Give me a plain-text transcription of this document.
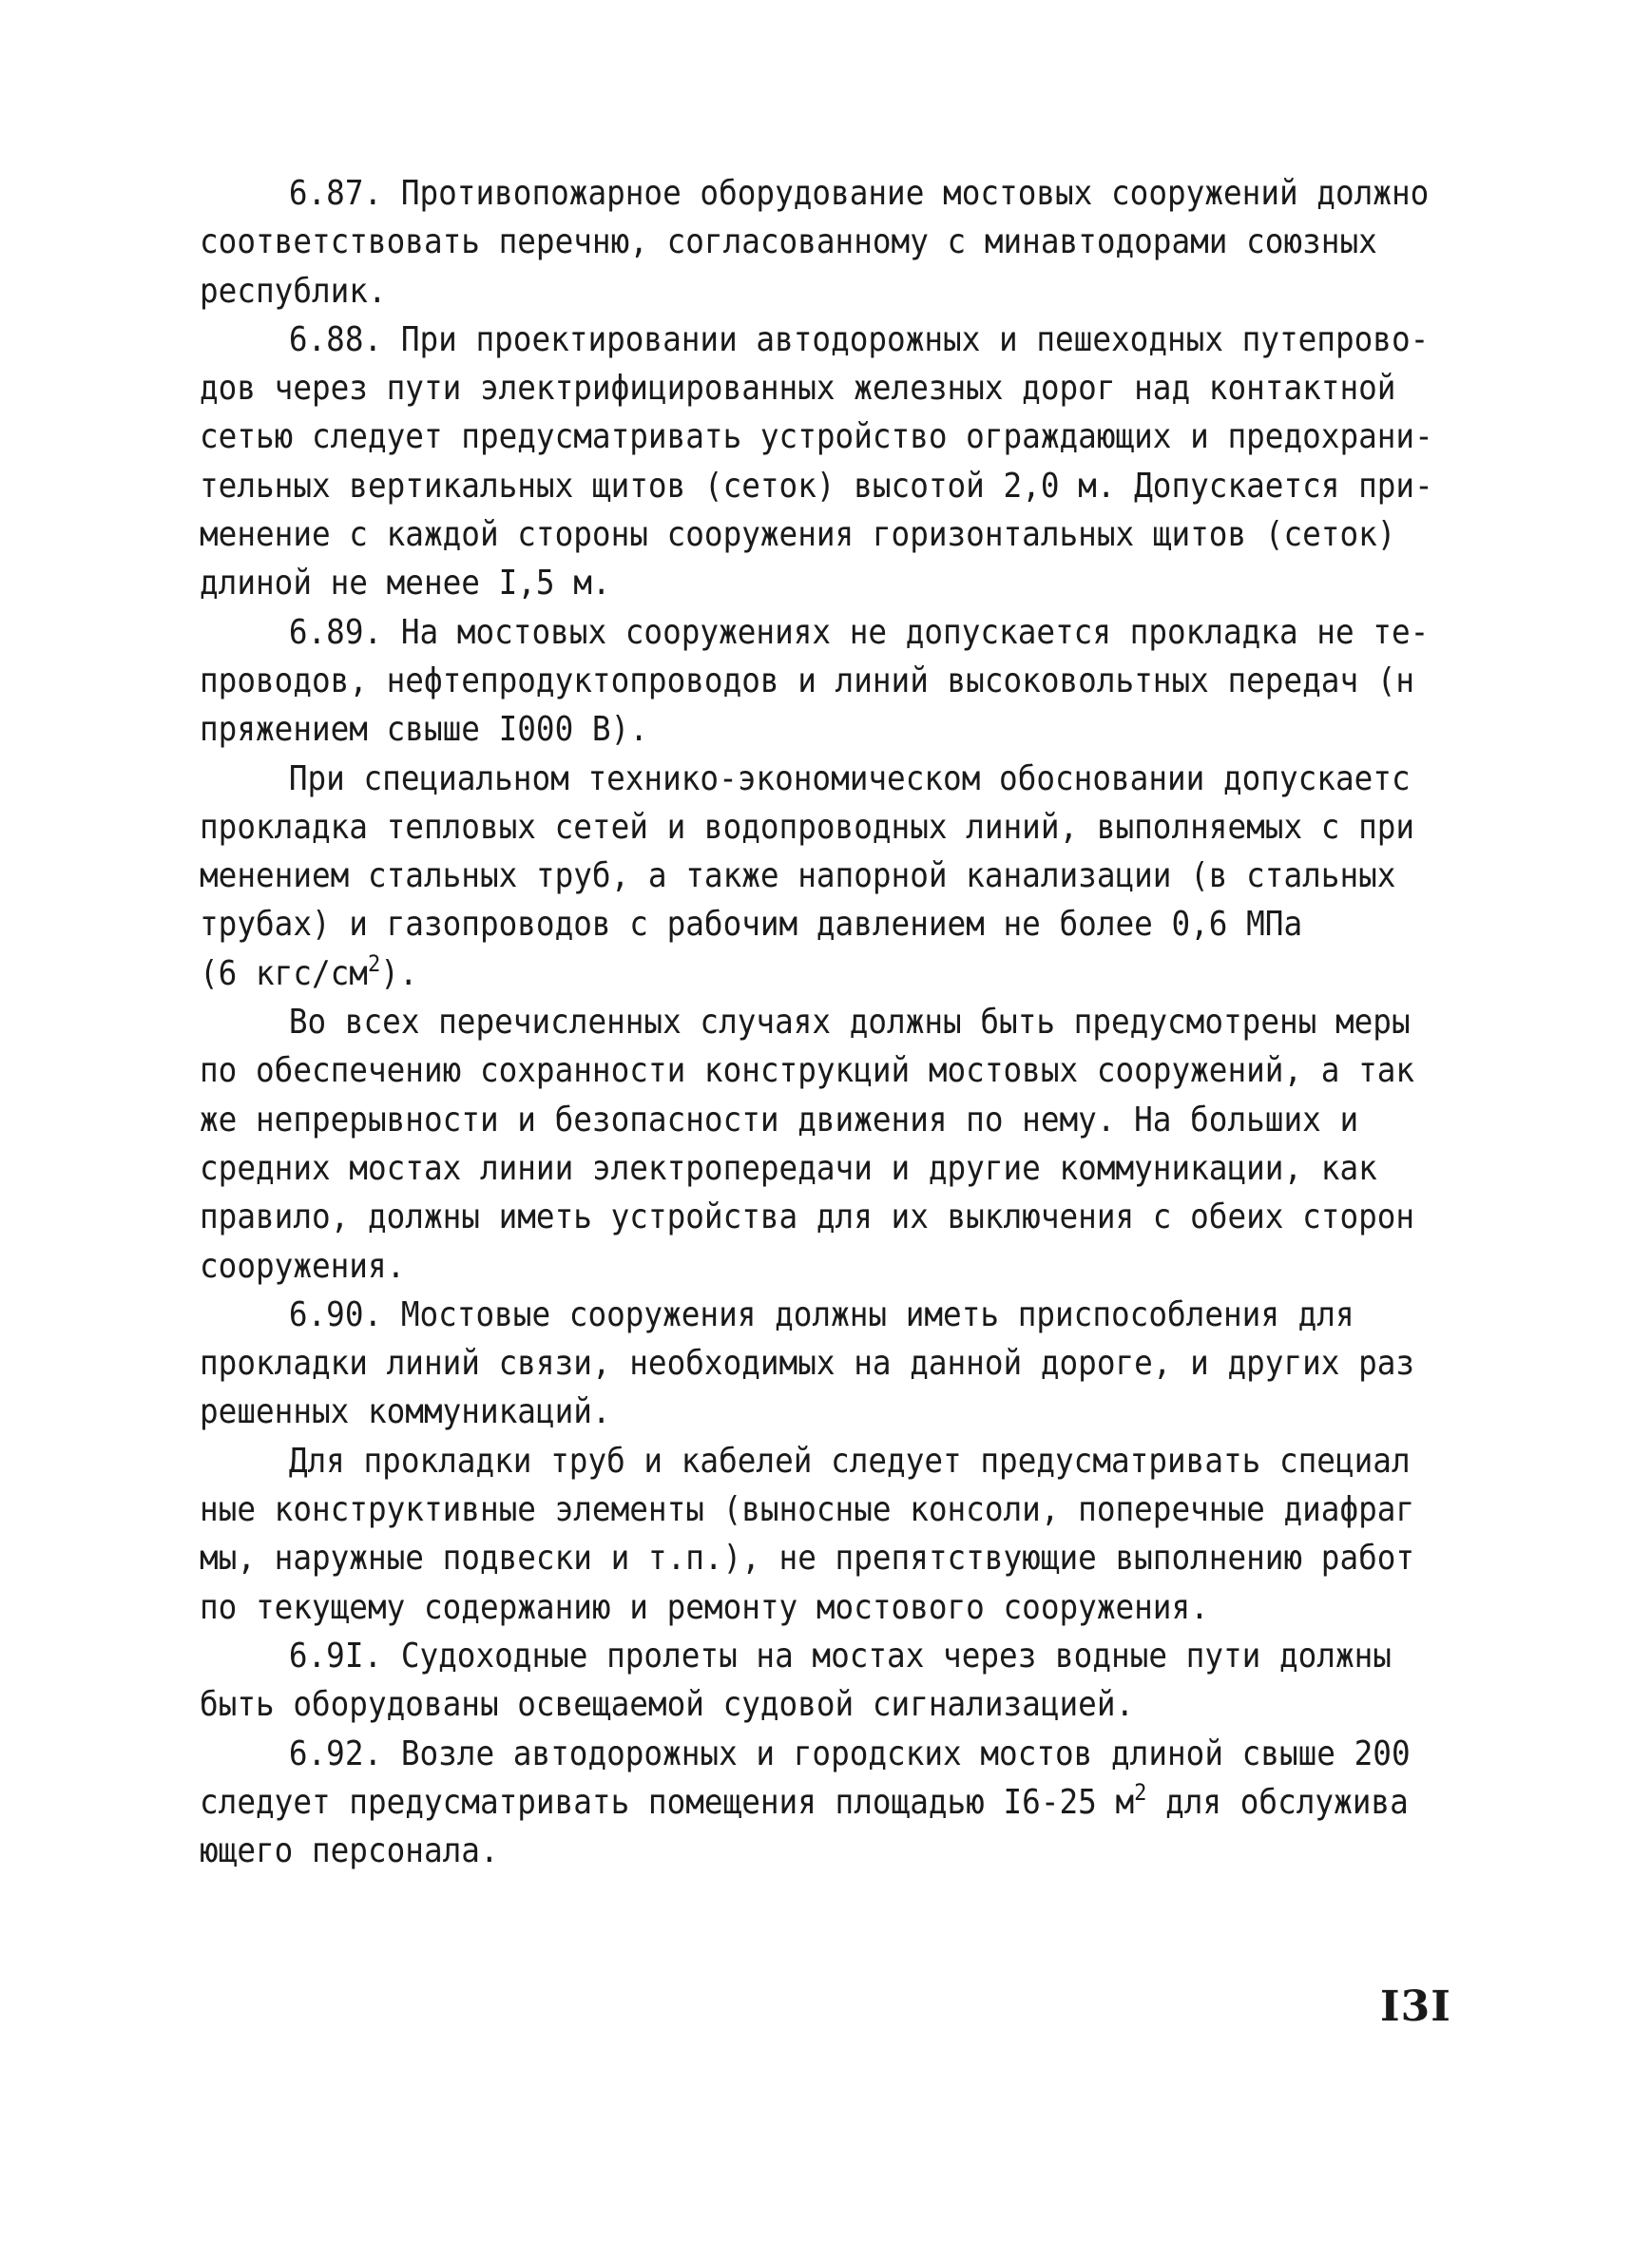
6.87. Противопожарное оборудование мостовых сооружений должно
соответствовать перечню, согласованному с минавтодорами союзных
республик.
6.88. При проектировании автодорожных и пешеходных путепрово-
дов через пути электрифицированных железных дорог над контактной
сетью следует предусматривать устройство ограждающих и предохрани-
тельных вертикальных щитов (сеток) высотой 2,0 м. Допускается при-
менение с каждой стороны сооружения горизонтальных щитов (сеток)
длиной не менее I,5 м.
6.89. На мостовых сооружениях не допускается прокладка не те-
проводов, нефтепродуктопроводов и линий высоковольтных передач (н
пряжением свыше I000 В).
При специальном технико-экономическом обосновании допускаетс
прокладка тепловых сетей и водопроводных линий, выполняемых с при
менением стальных труб, а также напорной канализации (в стальных
трубах) и газопроводов с рабочим давлением не более 0,6 МПа
(6 кгс/$см^2$).
Во всех перечисленных случаях должны быть предусмотрены меры
по обеспечению сохранности конструкций мостовых сооружений, а так
же непрерывности и безопасности движения по нему. На больших и
средних мостах линии электропередачи и другие коммуникации, как
правило, должны иметь устройства для их выключения с обеих сторон
сооружения.
6.90. Мостовые сооружения должны иметь приспособления для
прокладки линий связи, необходимых на данной дороге, и других раз
решенных коммуникаций.
Для прокладки труб и кабелей следует предусматривать специал
ные конструктивные элементы (выносные консоли, поперечные диафраг
мы, наружные подвески и т.п.), не препятствующие выполнению работ
по текущему содержанию и ремонту мостового сооружения.
6.9I. Судоходные пролеты на мостах через водные пути должны
быть оборудованы освещаемой судовой сигнализацией.
6.92. Возле автодорожных и городских мостов длиной свыше 200
следует предусматривать помещения площадью I6-25 $м^2$ для обслужива
ющего персонала.
I3I
